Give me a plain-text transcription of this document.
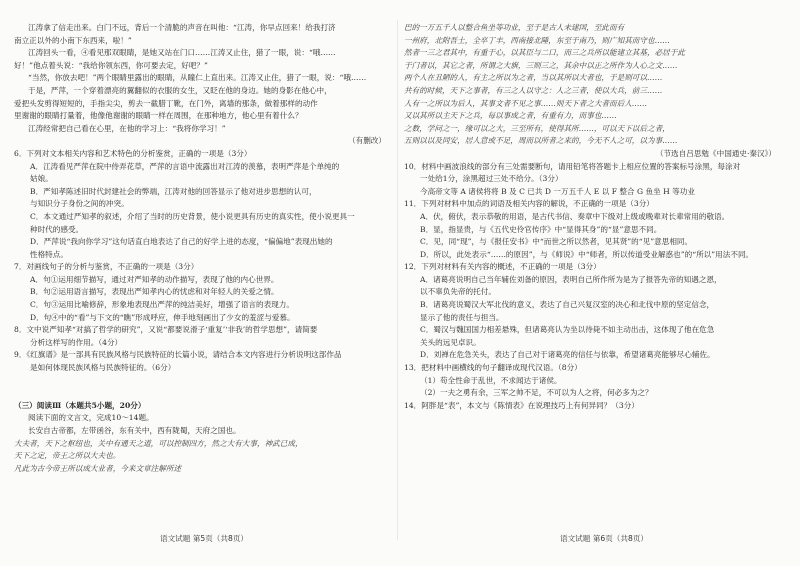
江涛拿了信走出来。白门不远，背后一个清脆的声音在叫他：“江涛，你早点回来！给我打济
南立正以外的小南下东西来，啦！”
江涛回头一看，④看见那双眼睛，是她又站在门口……江涛又止住，猎了一眼，说：“哦……
好！”他点着头说：“我给你领东西，你可要去定，好吧？”
“当然，你放去吧！”两个眼睛里露出的眼睛，从瞳仁上直出来。江涛又止住，猎了一眼，说：“哦……
于是，严萍，一个穿着漂亮的翼翻似的衣服的女生，又眨在他的身边。她的身影在他心中，
爱把头发剪得短短的，手指尖尖，剪去一截腊丁靴，在门外，离墙的那条，做着那样的动作
里谢谢的眼睛打量着，他像他谢谢的眼睛一样在周围，在那种地方，他心里有着什么？
江涛经常把自己看在心里，在他的学习上：“我将你学习！”
（有删改）
6．下列对文本相关内容和艺术特色的分析鉴赏，正确的一项是（3分）
A．江涛看见严萍在院中侍弄花草，严萍的言语中流露出对江涛的羡慕，表明严萍是个单纯的
姑娘。
B．严知孝陈述旧时代封建社会的弊端，江涛对他的回答显示了他对进步思想的认可，
与知识分子身份之间的冲突。
C．本文通过严知孝的叙述，介绍了当时的历史背景，使小说更具有历史的真实性，使小说更具一
种时代的感受。
D．严萍说“我向你学习”这句话直白地表达了自己的好学上进的态度，“偏偏地”表现出她的
性格特点。
7．对画线句子的分析与鉴赏，不正确的一项是（3分）
A．句①运用细节描写，通过对严知孝的动作描写，表现了他的内心世界。
B．句②运用语言描写，表现出严知孝内心的忧虑和对年轻人的关爱之情。
C．句③运用比喻修辞，形象地表现出严萍的纯洁美好，增强了语言的表现力。
D．句④中的“看”与下文的“瞧”形成呼应，伸手地刻画出了少女的羞涩与爱慕。
8．文中说严知孝“对搞了哲学的研究”，又说“都要说滑子‘重复’‘非我’的哲学思想”，请简要
分析这样写的作用。（4分）
9．《红旗谱》是一部具有民族风格与民族特征的长篇小说，请结合本文内容进行分析说明这部作品
是如何体现民族风格与民族特征的。（6分）
（三）阅读Ⅲ（本题共5小题，20分）
阅读下面的文言文，完成10～14题。
长安自古帝都，左带函谷，东有关中，西有陇蜀，天府之国也。
大夫者，天下之枢纽也，关中有通天之道，可以控制四方，然之大有大事，神武已成，
天下之定，帝王之所以大夫也。
凡此为古今帝王所以成大业者，今来文章注解所述
巴的一万五千人以整合鱼坐等功业，至于是古人未建国，至此而有
一州府，北附吾土，全卒丁丰，西南接北陲，东至于南乃，则广知其而守也……
然者一三之君其中，有重于心，以其臣与二口，而三之兵所以能建立其基，必居于此
于门者以，其它之者，所谓之大旗，三则三之，其余中以正之所作为人心之文……
两个人在丑陋的人，有主之所以为之者，当以其所以大者也，于是则可以……
共有的时候，天下之事者，有三之人以守之：人之三者，使以大兵，前三……
人有一之所以为后人，其事文者不见之事……则天下者之大者而后人……
又以其所以主天下之兵，每以事成之者，有重有力，而事也……
之数，学问之一，缘可以之大，三至所有，使得其所……，可以天下以后之者，
五则以以及同安，居人意或不足，周而以所者之来的，今无不人之可，以为事……
（节选自吕思勉《中国通史·秦汉》）
10．材料中画波浪线的部分有三处需要断句，请用铅笔将答题卡上相应位置的答案标号涂黑，每涂对
一处给1分，涂黑超过三处不给分。（3分）
今高帝文等 A 诸侯将将 B 及 C 已共 D 一万五千人 E 以 F 整合 G 鱼坐 H 等功业
11．下列对材料中加点的词语及相关内容的解说，不正确的一项是（3分）
A．伏，俯伏，表示恭敬的用语，是古代书信、奏章中下级对上级或晚辈对长辈常用的敬语。
B．显，指显贵，与《五代史伶官传序》中“显得其身”的“显”意思不同。
C．见，同“现”，与《报任安书》中“而世之所以然者，见其贤”的“见”意思相同。
D．所以，此处表示“……的原因”，与《师说》中“师者，所以传道受业解惑也”的“所以”用法不同。
12．下列对材料有关内容的概述，不正确的一项是（3分）
A．诸葛亮说明自己当年辅佐刘备的原因，表明自己所作所为是为了报答先帝的知遇之恩，
以不辜负先帝的托付。
B．诸葛亮说蜀汉大军北伐的意义，表达了自己兴复汉室的决心和北伐中原的坚定信念，
显示了他的责任与担当。
C．蜀汉与魏国国力相差悬殊，但诸葛亮认为坐以待毙不如主动出击，这体现了他在危急
关头的远见卓识。
D．刘禅在危急关头，表达了自己对于诸葛亮的信任与依靠，希望诸葛亮能够尽心辅佐。
13．把材料中画横线的句子翻译成现代汉语。（8分）
（1）苟全性命于乱世，不求闻达于诸侯。
（2）一夫之勇有余，三军之帅不足，不可以为人之将，何必多为之？
14．阿胖是“表”，本文与《陈情表》在说理技巧上有何异同？（3分）
语文试题 第5页（共8页）	语文试题 第6页（共8页）
